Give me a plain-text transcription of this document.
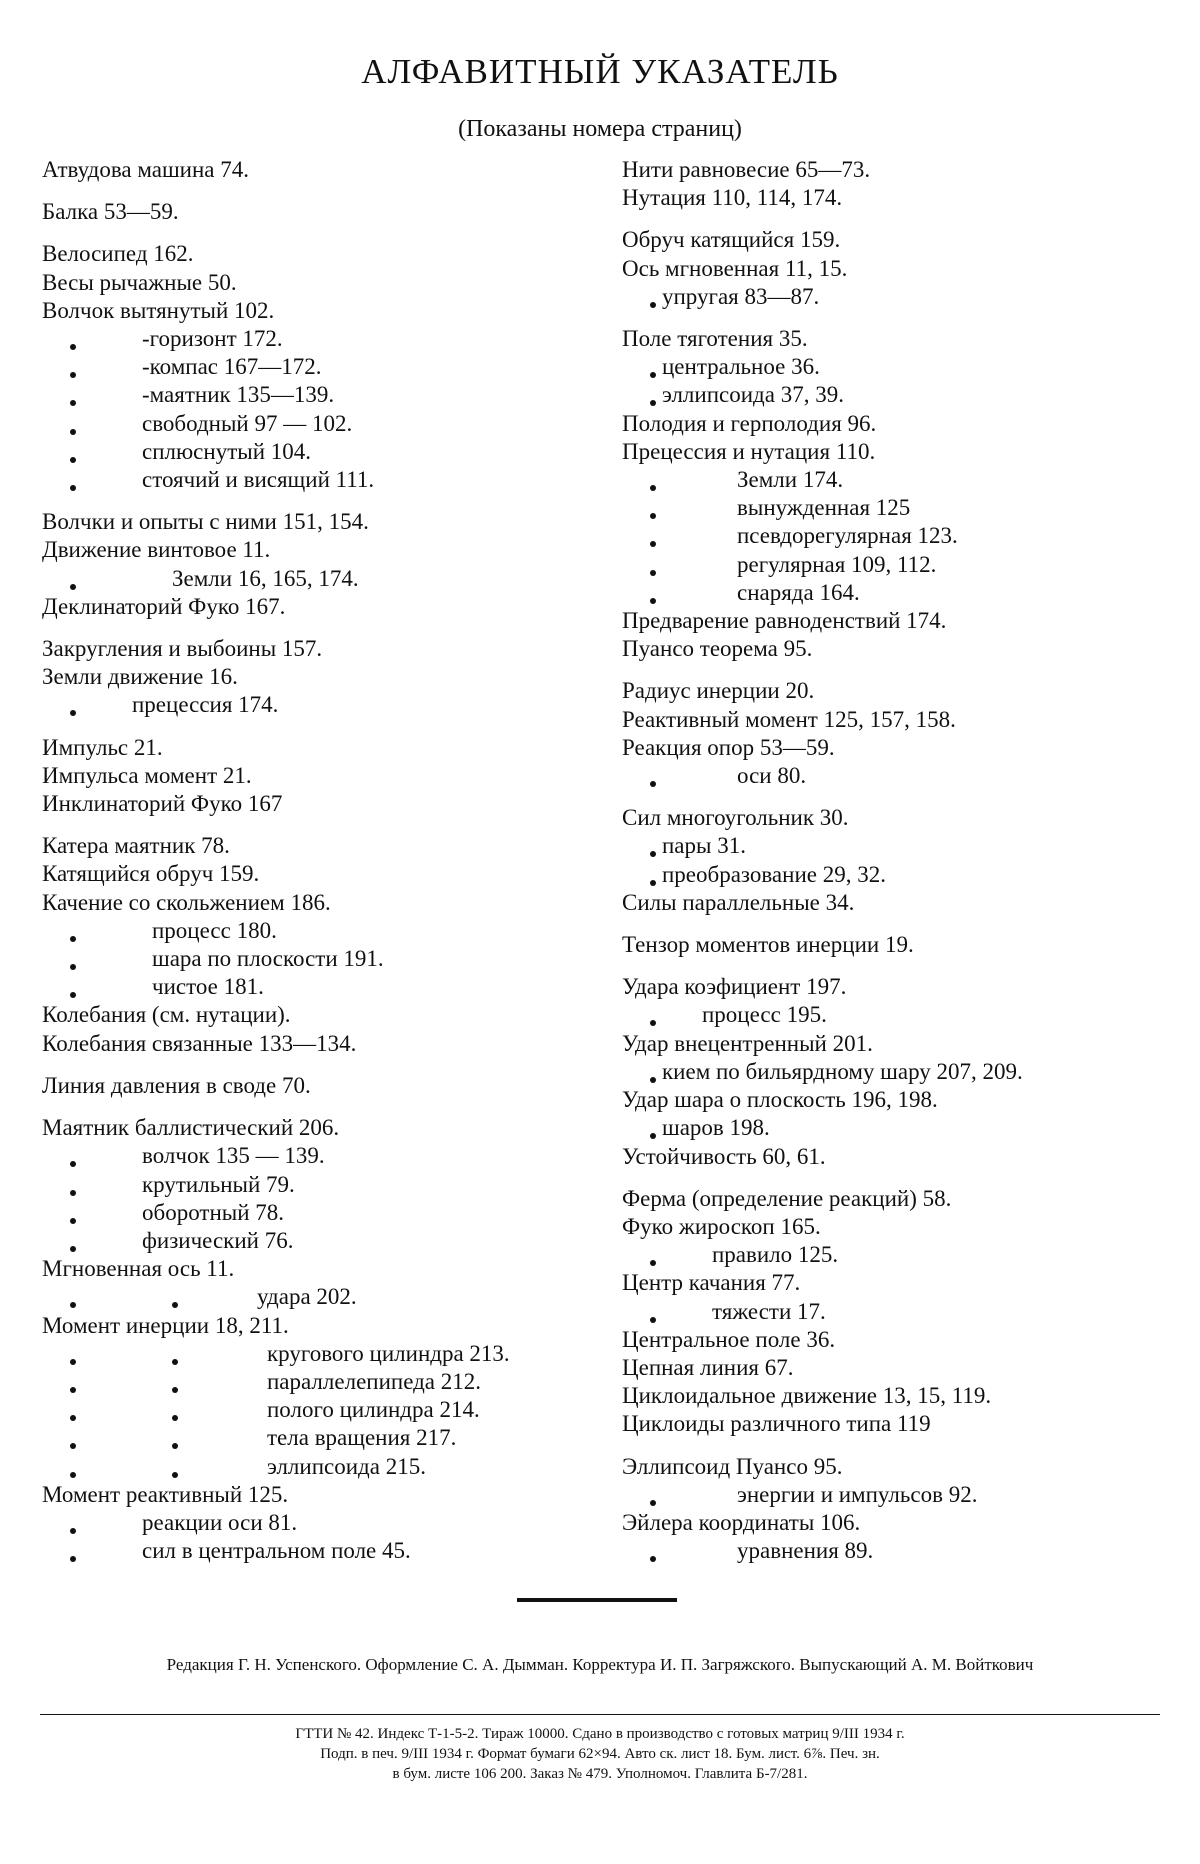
АЛФАВИТНЫЙ УКАЗАТЕЛЬ
(Показаны номера страниц)
Атвудова машина 74.
Балка 53—59.
Велосипед 162.
Весы рычажные 50.
Волчок вытянутый 102.
-горизонт 172.
-компас 167—172.
-маятник 135—139.
свободный 97 — 102.
сплюснутый 104.
стоячий и висящий 111.
Волчки и опыты с ними 151, 154.
Движение винтовое 11.
Земли 16, 165, 174.
Деклинаторий Фуко 167.
Закругления и выбоины 157.
Земли движение 16.
прецессия 174.
Импульс 21.
Импульса момент 21.
Инклинаторий Фуко 167
Катера маятник 78.
Катящийся обруч 159.
Качение со скольжением 186.
процесс 180.
шара по плоскости 191.
чистое 181.
Колебания (см. нутации).
Колебания связанные 133—134.
Линия давления в своде 70.
Маятник баллистический 206.
волчок 135 — 139.
крутильный 79.
оборотный 78.
физический 76.
Мгновенная ось 11.
удара 202.
Момент инерции 18, 211.
кругового цилиндра 213.
параллелепипеда 212.
полого цилиндра 214.
тела вращения 217.
эллипсоида 215.
Момент реактивный 125.
реакции оси 81.
сил в центральном поле 45.
Нити равновесие 65—73.
Нутация 110, 114, 174.
Обруч катящийся 159.
Ось мгновенная 11, 15.
упругая 83—87.
Поле тяготения 35.
центральное 36.
эллипсоида 37, 39.
Полодия и герполодия 96.
Прецессия и нутация 110.
Земли 174.
вынужденная 125
псевдорегулярная 123.
регулярная 109, 112.
снаряда 164.
Предварение равноденствий 174.
Пуансо теорема 95.
Радиус инерции 20.
Реактивный момент 125, 157, 158.
Реакция опор 53—59.
оси 80.
Сил многоугольник 30.
пары 31.
преобразование 29, 32.
Силы параллельные 34.
Тензор моментов инерции 19.
Удара коэфициент 197.
процесс 195.
Удар внецентренный 201.
кием по бильярдному шару 207, 209.
Удар шара о плоскость 196, 198.
шаров 198.
Устойчивость 60, 61.
Ферма (определение реакций) 58.
Фуко жироскоп 165.
правило 125.
Центр качания 77.
тяжести 17.
Центральное поле 36.
Цепная линия 67.
Циклоидальное движение 13, 15, 119.
Циклоиды различного типа 119
Эллипсоид Пуансо 95.
энергии и импульсов 92.
Эйлера координаты 106.
уравнения 89.
Редакция Г. Н. Успенского. Оформление С. А. Дымман. Корректура И. П. Загряжского. Выпускающий А. М. Войткович
ГТТИ № 42. Индекс Т-1-5-2. Тираж 10000. Сдано в производство с готовых матриц 9/III 1934 г.
Подп. в печ. 9/III 1934 г. Формат бумаги 62×94. Авто ск. лист 18. Бум. лист. 6⅞. Печ. зн.
в бум. листе 106 200. Заказ № 479. Уполномоч. Главлита Б-7/281.
